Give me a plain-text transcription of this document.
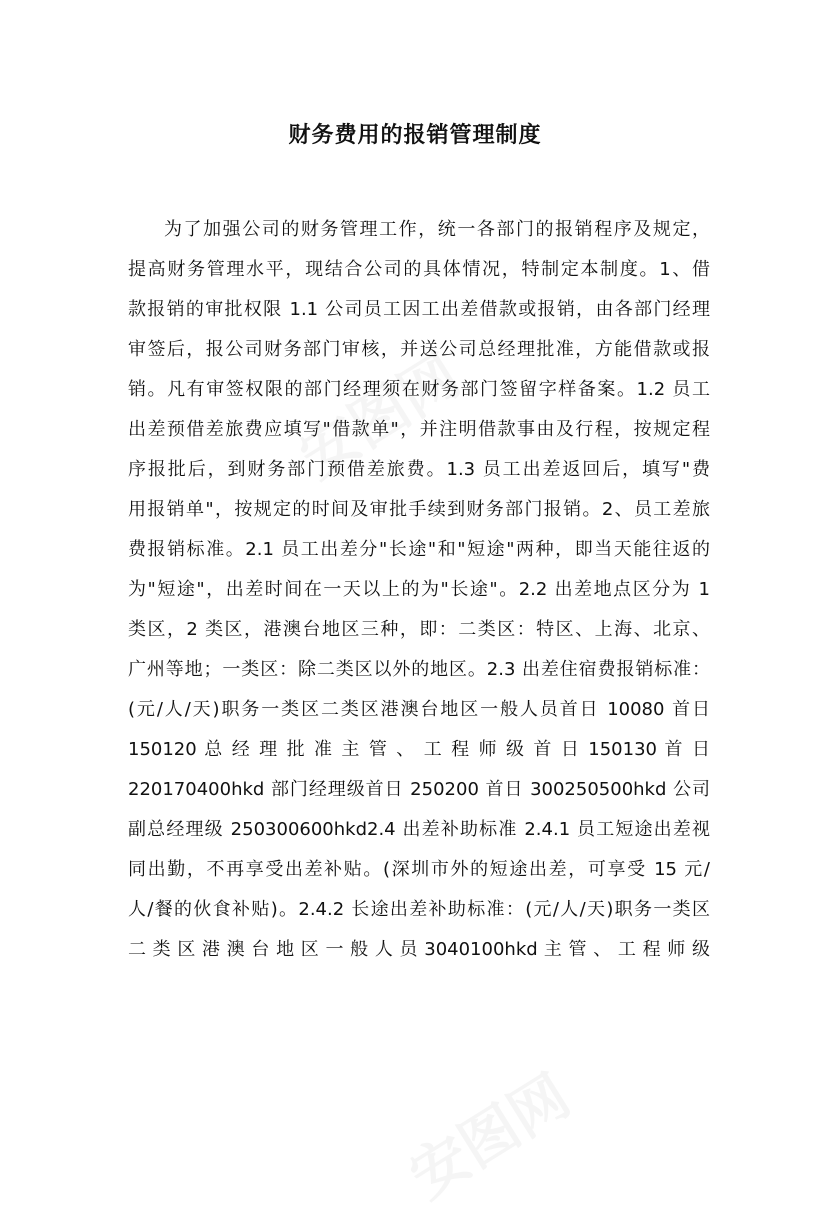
财务费用的报销管理制度
为了加强公司的财务管理工作，统一各部门的报销程序及规定，
提高财务管理水平，现结合公司的具体情况，特制定本制度。1、借
款报销的审批权限 1.1 公司员工因工出差借款或报销，由各部门经理
审签后，报公司财务部门审核，并送公司总经理批准，方能借款或报
销。凡有审签权限的部门经理须在财务部门签留字样备案。1.2 员工
出差预借差旅费应填写"借款单"，并注明借款事由及行程，按规定程
序报批后，到财务部门预借差旅费。1.3 员工出差返回后，填写"费
用报销单"，按规定的时间及审批手续到财务部门报销。2、员工差旅
费报销标准。2.1 员工出差分"长途"和"短途"两种，即当天能往返的
为"短途"，出差时间在一天以上的为"长途"。2.2 出差地点区分为 1
类区，2 类区，港澳台地区三种，即：二类区：特区、上海、北京、
广州等地；一类区：除二类区以外的地区。2.3 出差住宿费报销标准：
(元/人/天)职务一类区二类区港澳台地区一般人员首日 10080 首日
150120 总 经 理 批 准 主 管 、 工 程 师 级 首 日 150130 首 日
220170400hkd 部门经理级首日 250200 首日 300250500hkd 公司
副总经理级 250300600hkd2.4 出差补助标准 2.4.1 员工短途出差视
同出勤，不再享受出差补贴。(深圳市外的短途出差，可享受 15 元/
人/餐的伙食补贴)。2.4.2 长途出差补助标准：(元/人/天)职务一类区
二 类 区 港 澳 台 地 区 一 般 人 员 3040100hkd 主 管 、 工 程 师 级
